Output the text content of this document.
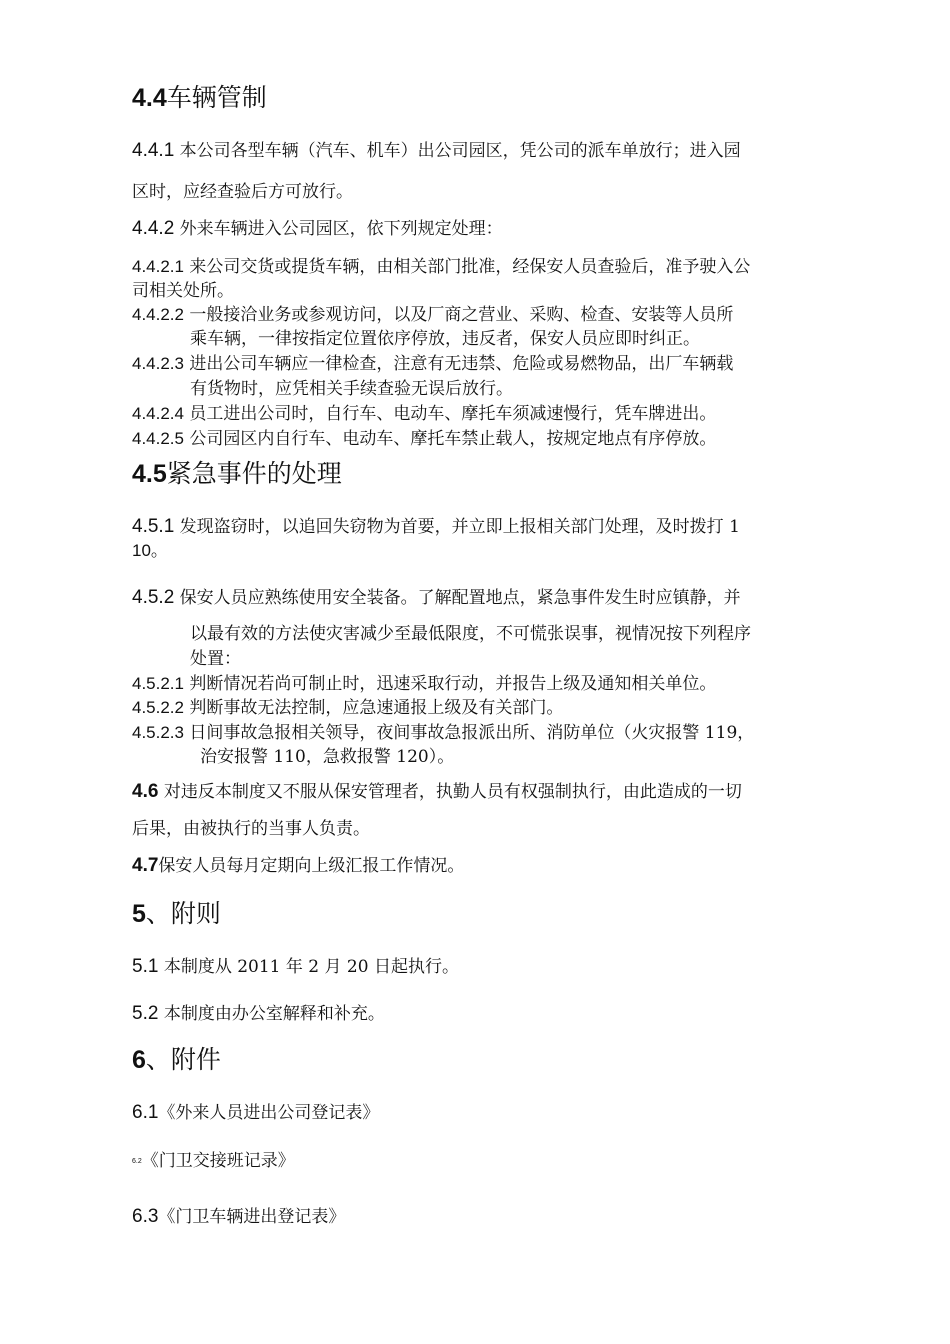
4.4车辆管制
4.4.1 本公司各型车辆（汽车、机车）出公司园区，凭公司的派车单放行；进入园
区时，应经查验后方可放行。
4.4.2 外来车辆进入公司园区，依下列规定处理：
4.4.2.1 来公司交货或提货车辆，由相关部门批准，经保安人员查验后，准予驶入公
司相关处所。
4.4.2.2 一般接洽业务或参观访问，以及厂商之营业、采购、检查、安装等人员所
乘车辆，一律按指定位置依序停放，违反者，保安人员应即时纠正。
4.4.2.3 进出公司车辆应一律检查，注意有无违禁、危险或易燃物品，出厂车辆载
有货物时，应凭相关手续查验无误后放行。
4.4.2.4 员工进出公司时，自行车、电动车、摩托车须减速慢行，凭车牌进出。
4.4.2.5 公司园区内自行车、电动车、摩托车禁止载人，按规定地点有序停放。
4.5紧急事件的处理
4.5.1 发现盗窃时，以追回失窃物为首要，并立即上报相关部门处理，及时拨打 1
10。
4.5.2 保安人员应熟练使用安全装备。了解配置地点，紧急事件发生时应镇静，并
以最有效的方法使灾害减少至最低限度，不可慌张误事，视情况按下列程序
处置：
4.5.2.1 判断情况若尚可制止时，迅速采取行动，并报告上级及通知相关单位。
4.5.2.2 判断事故无法控制，应急速通报上级及有关部门。
4.5.2.3 日间事故急报相关领导，夜间事故急报派出所、消防单位（火灾报警 119，
治安报警 110，急救报警 120）。
4.6 对违反本制度又不服从保安管理者，执勤人员有权强制执行，由此造成的一切
后果，由被执行的当事人负责。
4.7保安人员每月定期向上级汇报工作情况。
5、附则
5.1 本制度从 2011 年 2 月 20 日起执行。
5.2 本制度由办公室解释和补充。
6、附件
6.1《外来人员进出公司登记表》
6.2《门卫交接班记录》
6.3《门卫车辆进出登记表》
